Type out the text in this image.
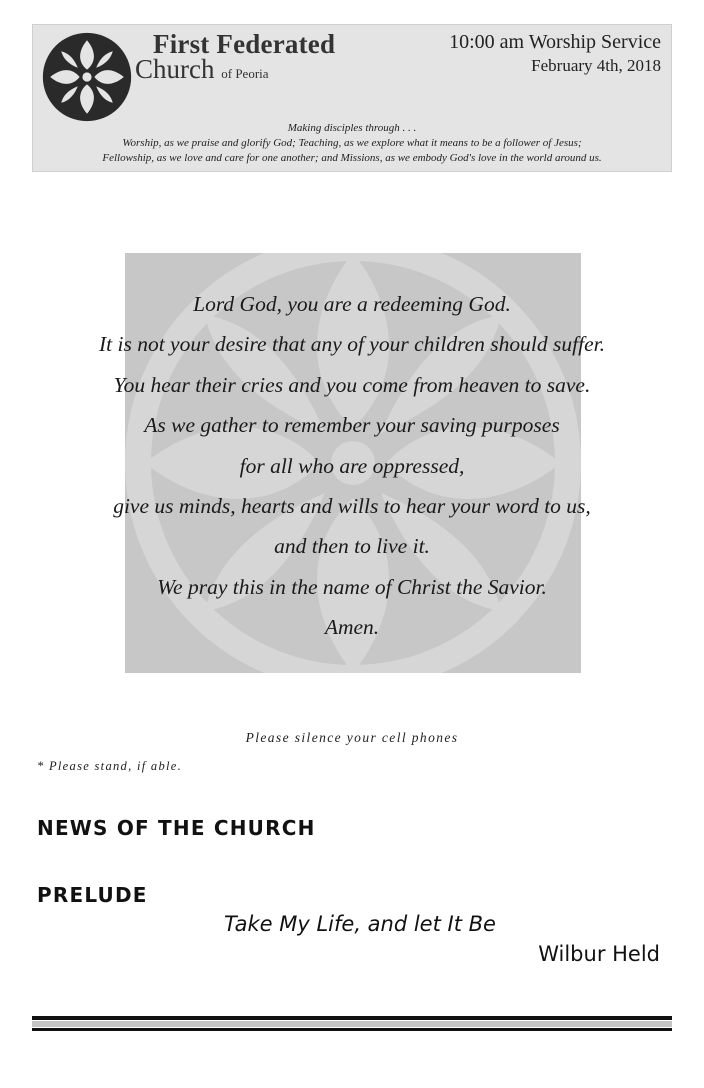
First Federated
Church of Peoria
10:00 am Worship Service
February 4th, 2018
Making disciples through . . .
Worship, as we praise and glorify God; Teaching, as we explore what it means to be a follower of Jesus;
Fellowship, as we love and care for one another; and Missions, as we embody God's love in the world around us.
Lord God, you are a redeeming God.
It is not your desire that any of your children should suffer.
You hear their cries and you come from heaven to save.
As we gather to remember your saving purposes
for all who are oppressed,
give us minds, hearts and wills to hear your word to us,
and then to live it.
We pray this in the name of Christ the Savior.
Amen.
Please silence your cell phones
* Please stand, if able.
NEWS OF THE CHURCH
PRELUDE
Take My Life, and let It Be
Wilbur Held
